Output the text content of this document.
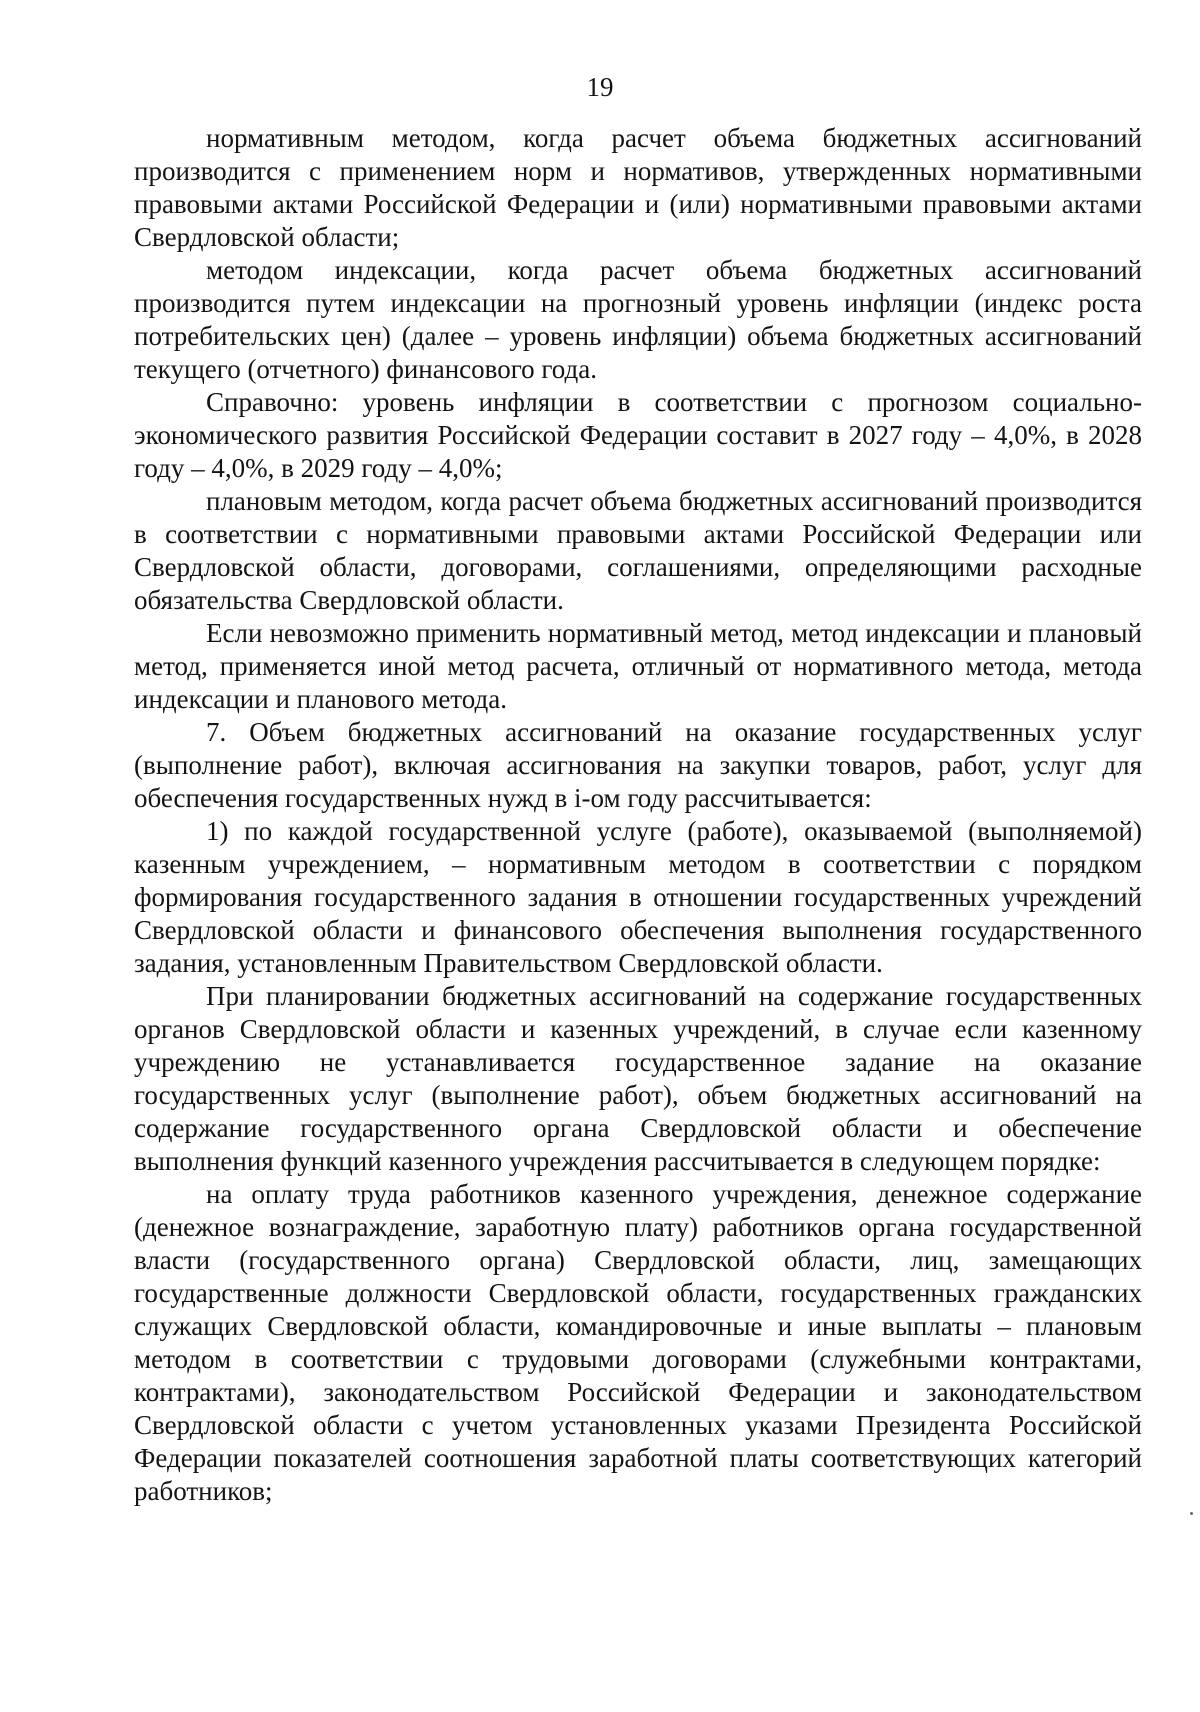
19

нормативным методом, когда расчет объема бюджетных ассигнований производится с применением норм и нормативов, утвержденных нормативными правовыми актами Российской Федерации и (или) нормативными правовыми актами Свердловской области;

методом индексации, когда расчет объема бюджетных ассигнований производится путем индексации на прогнозный уровень инфляции (индекс роста потребительских цен) (далее – уровень инфляции) объема бюджетных ассигнований текущего (отчетного) финансового года.

Справочно: уровень инфляции в соответствии с прогнозом социально-экономического развития Российской Федерации составит в 2027 году – 4,0%, в 2028 году – 4,0%, в 2029 году – 4,0%;

плановым методом, когда расчет объема бюджетных ассигнований производится в соответствии с нормативными правовыми актами Российской Федерации или Свердловской области, договорами, соглашениями, определяющими расходные обязательства Свердловской области.

Если невозможно применить нормативный метод, метод индексации и плановый метод, применяется иной метод расчета, отличный от нормативного метода, метода индексации и планового метода.

7. Объем бюджетных ассигнований на оказание государственных услуг (выполнение работ), включая ассигнования на закупки товаров, работ, услуг для обеспечения государственных нужд в i-ом году рассчитывается:

1) по каждой государственной услуге (работе), оказываемой (выполняемой) казенным учреждением, – нормативным методом в соответствии с порядком формирования государственного задания в отношении государственных учреждений Свердловской области и финансового обеспечения выполнения государственного задания, установленным Правительством Свердловской области.

При планировании бюджетных ассигнований на содержание государственных органов Свердловской области и казенных учреждений, в случае если казенному учреждению не устанавливается государственное задание на оказание государственных услуг (выполнение работ), объем бюджетных ассигнований на содержание государственного органа Свердловской области и обеспечение выполнения функций казенного учреждения рассчитывается в следующем порядке:

на оплату труда работников казенного учреждения, денежное содержание (денежное вознаграждение, заработную плату) работников органа государственной власти (государственного органа) Свердловской области, лиц, замещающих государственные должности Свердловской области, государственных гражданских служащих Свердловской области, командировочные и иные выплаты – плановым методом в соответствии с трудовыми договорами (служебными контрактами, контрактами), законодательством Российской Федерации и законодательством Свердловской области с учетом установленных указами Президента Российской Федерации показателей соотношения заработной платы соответствующих категорий работников;
